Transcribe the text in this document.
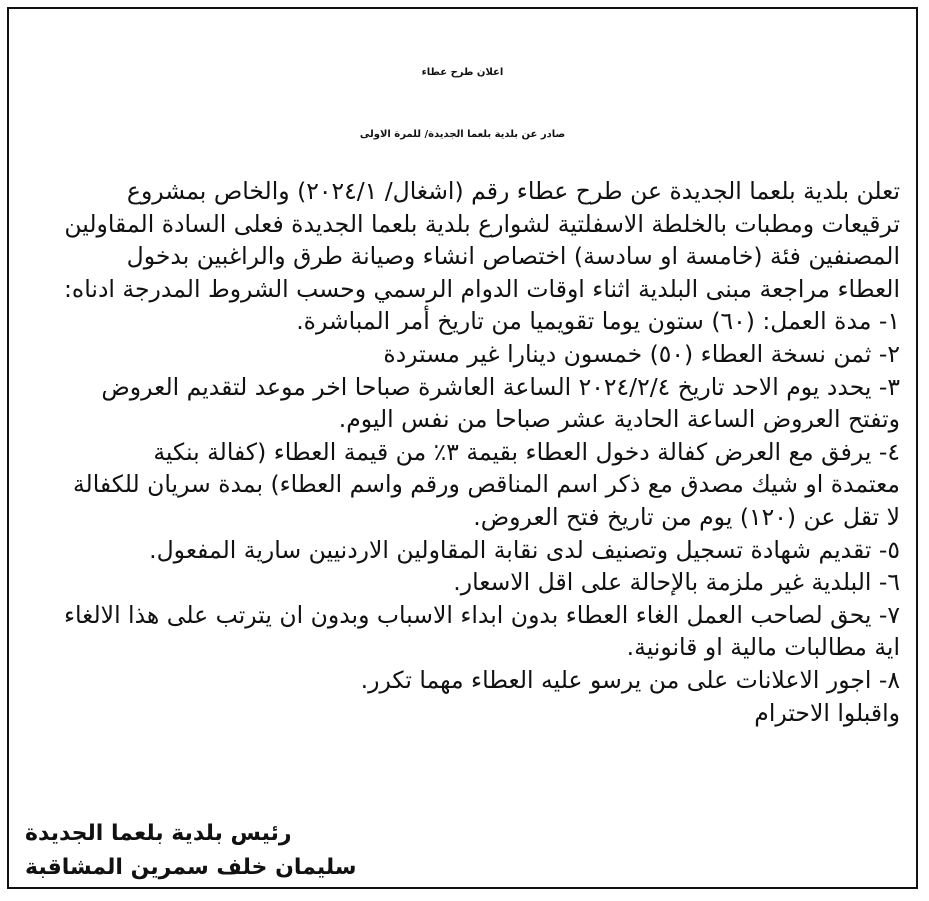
اعلان طرح عطاء
صادر عن بلدية بلعما الجديدة/ للمرة الاولى
تعلن بلدية بلعما الجديدة عن طرح عطاء رقم (اشغال/ ٢٠٢٤/١) والخاص بمشروع
ترقيعات ومطبات بالخلطة الاسفلتية لشوارع بلدية بلعما الجديدة فعلى السادة المقاولين
المصنفين فئة (خامسة او سادسة) اختصاص انشاء وصيانة طرق والراغبين بدخول
العطاء مراجعة مبنى البلدية اثناء اوقات الدوام الرسمي وحسب الشروط المدرجة ادناه:
١- مدة العمل: (٦٠) ستون يوما تقويميا من تاريخ أمر المباشرة.
٢- ثمن نسخة العطاء (٥٠) خمسون دينارا غير مستردة
٣- يحدد يوم الاحد تاريخ ٢٠٢٤/٢/٤ الساعة العاشرة صباحا اخر موعد لتقديم العروض
وتفتح العروض الساعة الحادية عشر صباحا من نفس اليوم.
٤- يرفق مع العرض كفالة دخول العطاء بقيمة ٣٪ من قيمة العطاء (كفالة بنكية
معتمدة او شيك مصدق مع ذكر اسم المناقص ورقم واسم العطاء) بمدة سريان للكفالة
لا تقل عن (١٢٠) يوم من تاريخ فتح العروض.
٥- تقديم شهادة تسجيل وتصنيف لدى نقابة المقاولين الاردنيين سارية المفعول.
٦- البلدية غير ملزمة بالإحالة على اقل الاسعار.
٧- يحق لصاحب العمل الغاء العطاء بدون ابداء الاسباب وبدون ان يترتب على هذا الالغاء
اية مطالبات مالية او قانونية.
٨- اجور الاعلانات على من يرسو عليه العطاء مهما تكرر.
واقبلوا الاحترام
رئيس بلدية بلعما الجديدة
سليمان خلف سمرين المشاقبة
